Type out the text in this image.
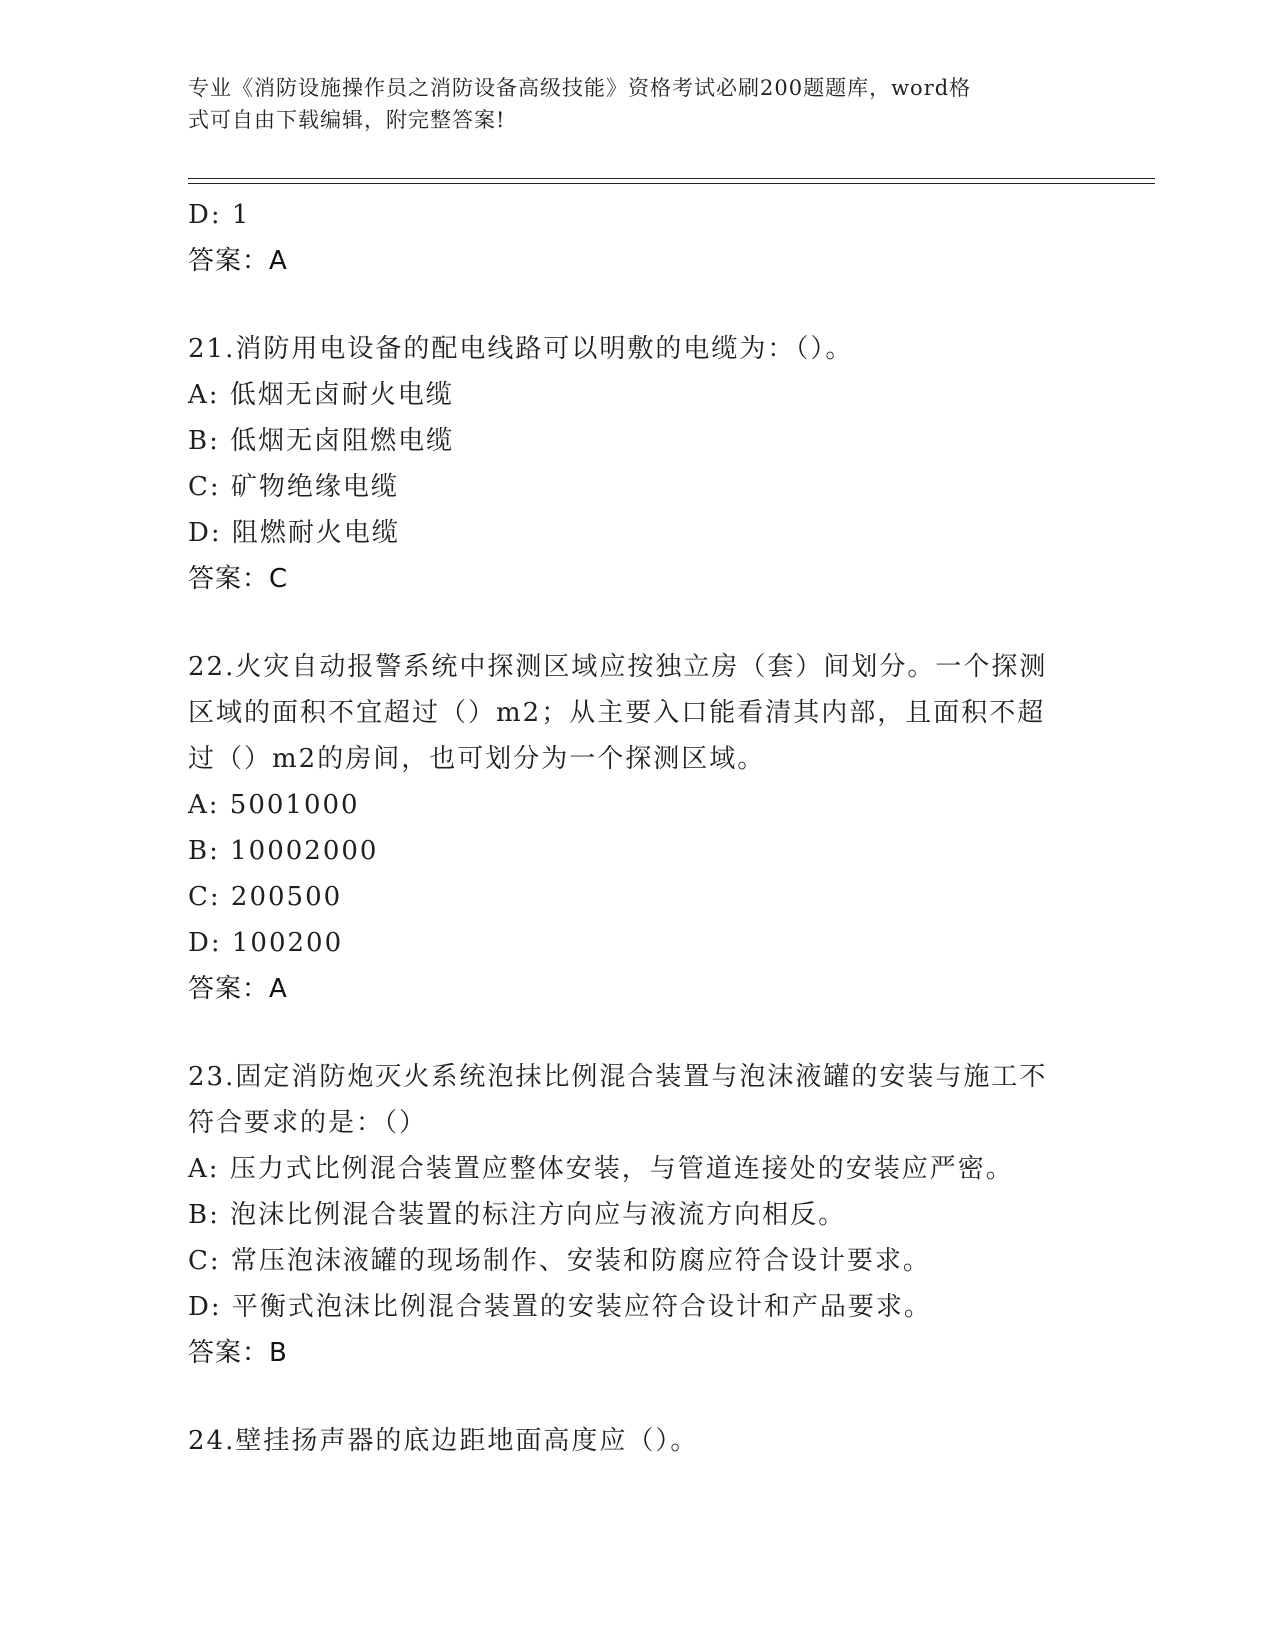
专业《消防设施操作员之消防设备高级技能》资格考试必刷200题题库，word格
式可自由下载编辑，附完整答案!
D: 1
答案：A
21.消防用电设备的配电线路可以明敷的电缆为：（）。
A: 低烟无卤耐火电缆
B: 低烟无卤阻燃电缆
C: 矿物绝缘电缆
D: 阻燃耐火电缆
答案：C
22.火灾自动报警系统中探测区域应按独立房（套）间划分。一个探测
区域的面积不宜超过（）m2；从主要入口能看清其内部，且面积不超
过（）m2的房间，也可划分为一个探测区域。
A: 5001000
B: 10002000
C: 200500
D: 100200
答案：A
23.固定消防炮灭火系统泡抹比例混合装置与泡沫液罐的安装与施工不
符合要求的是：（）
A: 压力式比例混合装置应整体安装，与管道连接处的安装应严密。
B: 泡沫比例混合装置的标注方向应与液流方向相反。
C: 常压泡沫液罐的现场制作、安装和防腐应符合设计要求。
D: 平衡式泡沫比例混合装置的安装应符合设计和产品要求。
答案：B
24.壁挂扬声器的底边距地面高度应（）。
